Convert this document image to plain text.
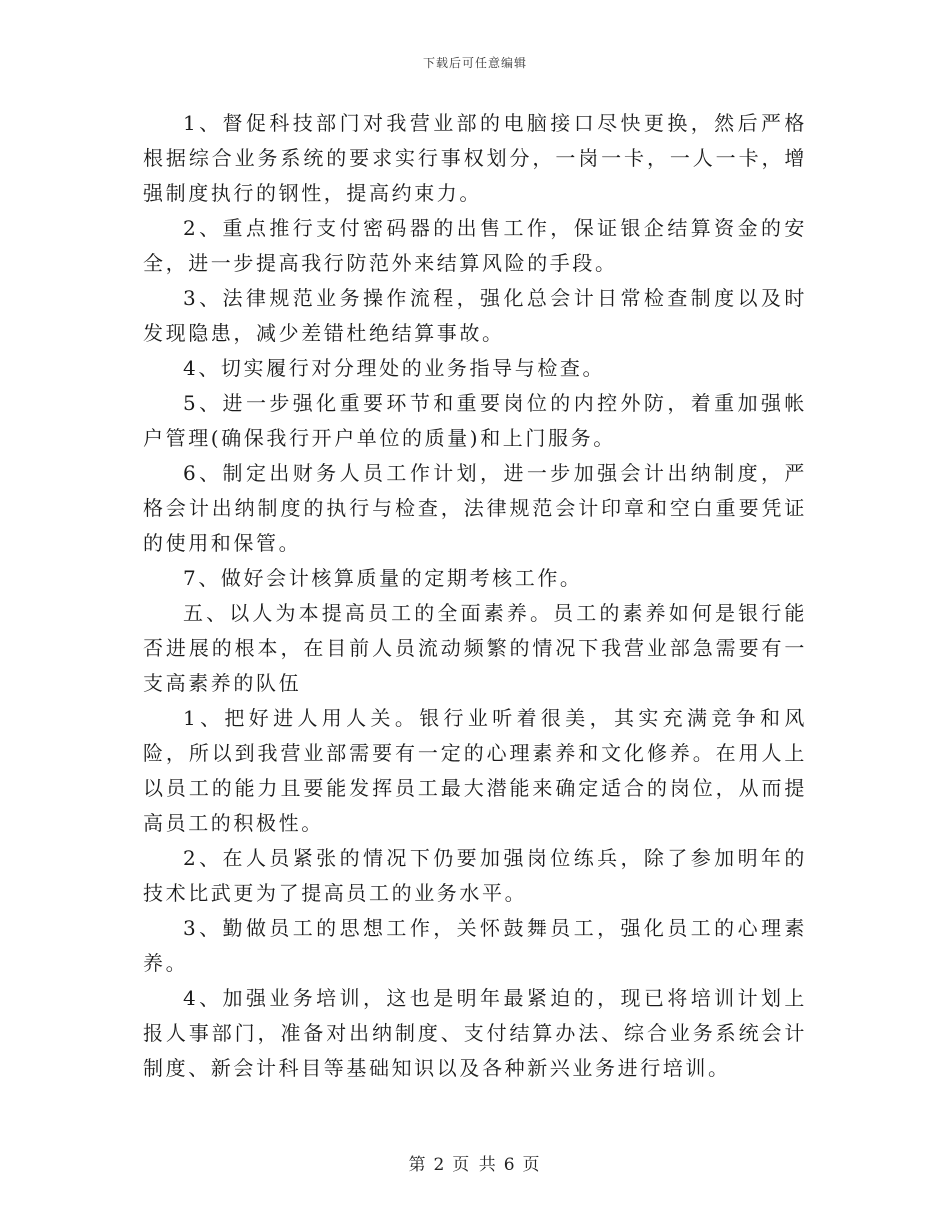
下载后可任意编辑

1、督促科技部门对我营业部的电脑接口尽快更换，然后严格根据综合业务系统的要求实行事权划分，一岗一卡，一人一卡，增强制度执行的钢性，提高约束力。

2、重点推行支付密码器的出售工作，保证银企结算资金的安全，进一步提高我行防范外来结算风险的手段。

3、法律规范业务操作流程，强化总会计日常检查制度以及时发现隐患，减少差错杜绝结算事故。

4、切实履行对分理处的业务指导与检查。

5、进一步强化重要环节和重要岗位的内控外防，着重加强帐户管理(确保我行开户单位的质量)和上门服务。

6、制定出财务人员工作计划，进一步加强会计出纳制度，严格会计出纳制度的执行与检查，法律规范会计印章和空白重要凭证的使用和保管。

7、做好会计核算质量的定期考核工作。

五、以人为本提高员工的全面素养。员工的素养如何是银行能否进展的根本，在目前人员流动频繁的情况下我营业部急需要有一支高素养的队伍

1、把好进人用人关。银行业听着很美，其实充满竞争和风险，所以到我营业部需要有一定的心理素养和文化修养。在用人上以员工的能力且要能发挥员工最大潜能来确定适合的岗位，从而提高员工的积极性。

2、在人员紧张的情况下仍要加强岗位练兵，除了参加明年的技术比武更为了提高员工的业务水平。

3、勤做员工的思想工作，关怀鼓舞员工，强化员工的心理素养。

4、加强业务培训，这也是明年最紧迫的，现已将培训计划上报人事部门，准备对出纳制度、支付结算办法、综合业务系统会计制度、新会计科目等基础知识以及各种新兴业务进行培训。

第 2 页 共 6 页
